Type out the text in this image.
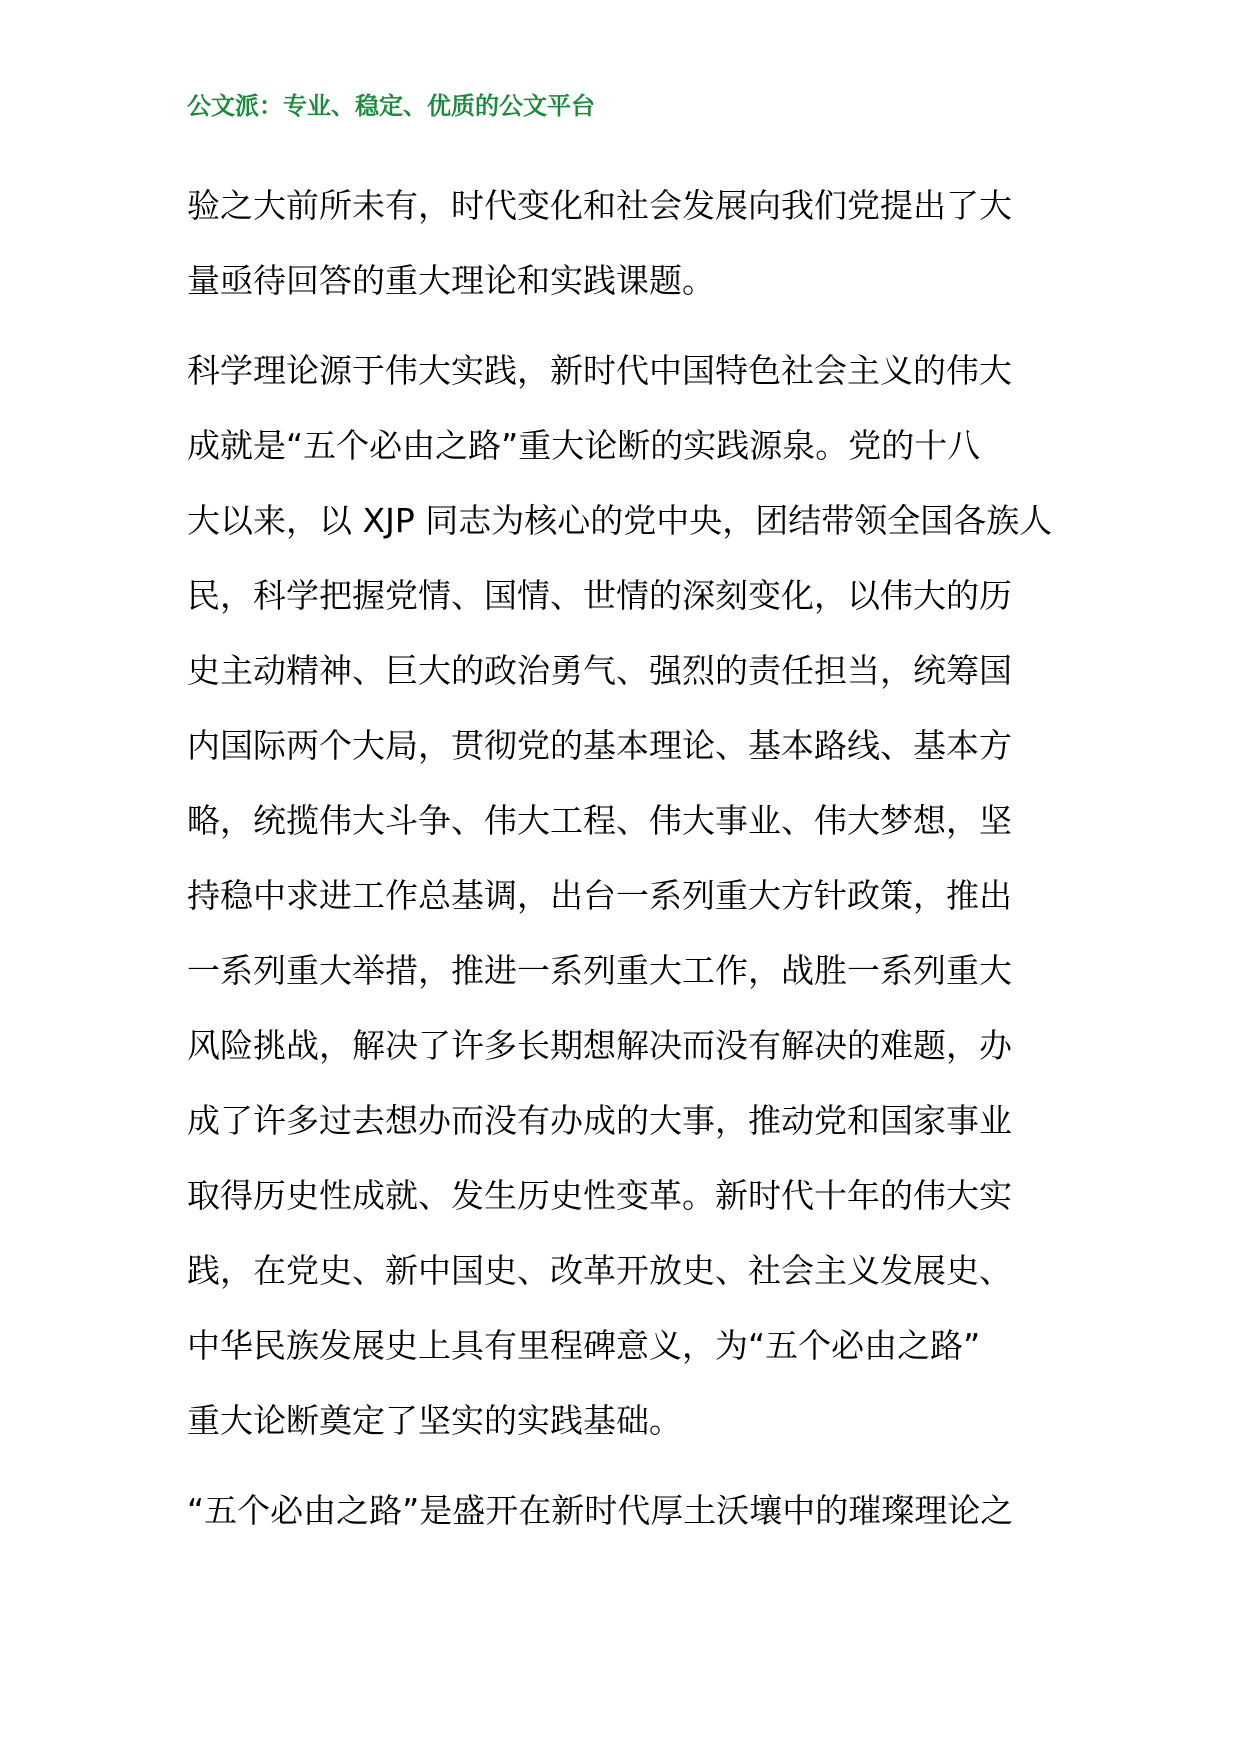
公文派：专业、稳定、优质的公文平台
验之大前所未有，时代变化和社会发展向我们党提出了大
量亟待回答的重大理论和实践课题。
科学理论源于伟大实践，新时代中国特色社会主义的伟大
成就是“五个必由之路”重大论断的实践源泉。党的十八
大以来，以 XJP 同志为核心的党中央，团结带领全国各族人
民，科学把握党情、国情、世情的深刻变化，以伟大的历
史主动精神、巨大的政治勇气、强烈的责任担当，统筹国
内国际两个大局，贯彻党的基本理论、基本路线、基本方
略，统揽伟大斗争、伟大工程、伟大事业、伟大梦想，坚
持稳中求进工作总基调，出台一系列重大方针政策，推出
一系列重大举措，推进一系列重大工作，战胜一系列重大
风险挑战，解决了许多长期想解决而没有解决的难题，办
成了许多过去想办而没有办成的大事，推动党和国家事业
取得历史性成就、发生历史性变革。新时代十年的伟大实
践，在党史、新中国史、改革开放史、社会主义发展史、
中华民族发展史上具有里程碑意义，为“五个必由之路”
重大论断奠定了坚实的实践基础。
“五个必由之路”是盛开在新时代厚土沃壤中的璀璨理论之
